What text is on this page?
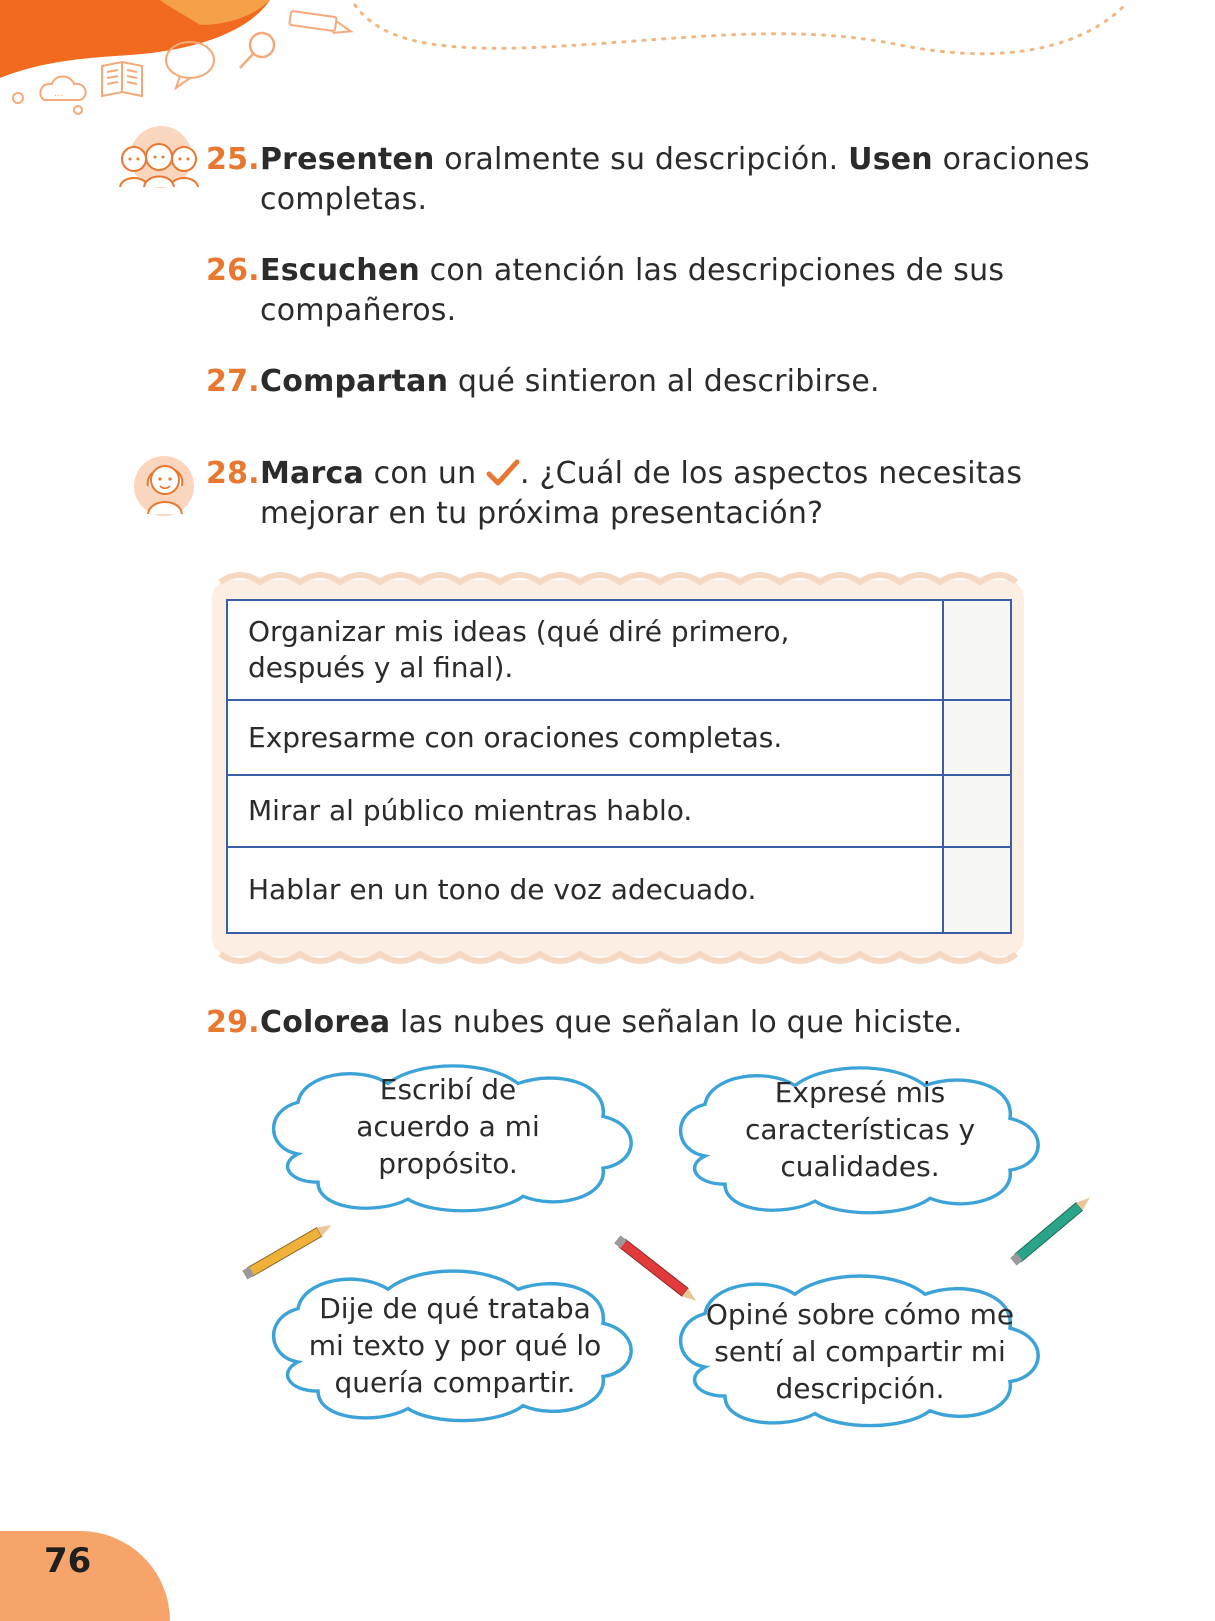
...
25.Presenten oralmente su descripción. Usen oraciones
completas.
26.Escuchen con atención las descripciones de sus
compañeros.
27.Compartan qué sintieron al describirse.
28.Marca con un . ¿Cuál de los aspectos necesitas
mejorar en tu próxima presentación?
Organizar mis ideas (qué diré primero,
después y al final).	
Expresarme con oraciones completas.	
Mirar al público mientras hablo.	
Hablar en un tono de voz adecuado.	
29.Colorea las nubes que señalan lo que hiciste.
Escribí de
acuerdo a mi
propósito.
Expresé mis
características y
cualidades.
Dije de qué trataba
mi texto y por qué lo
quería compartir.
Opiné sobre cómo me
sentí al compartir mi
descripción.
76
